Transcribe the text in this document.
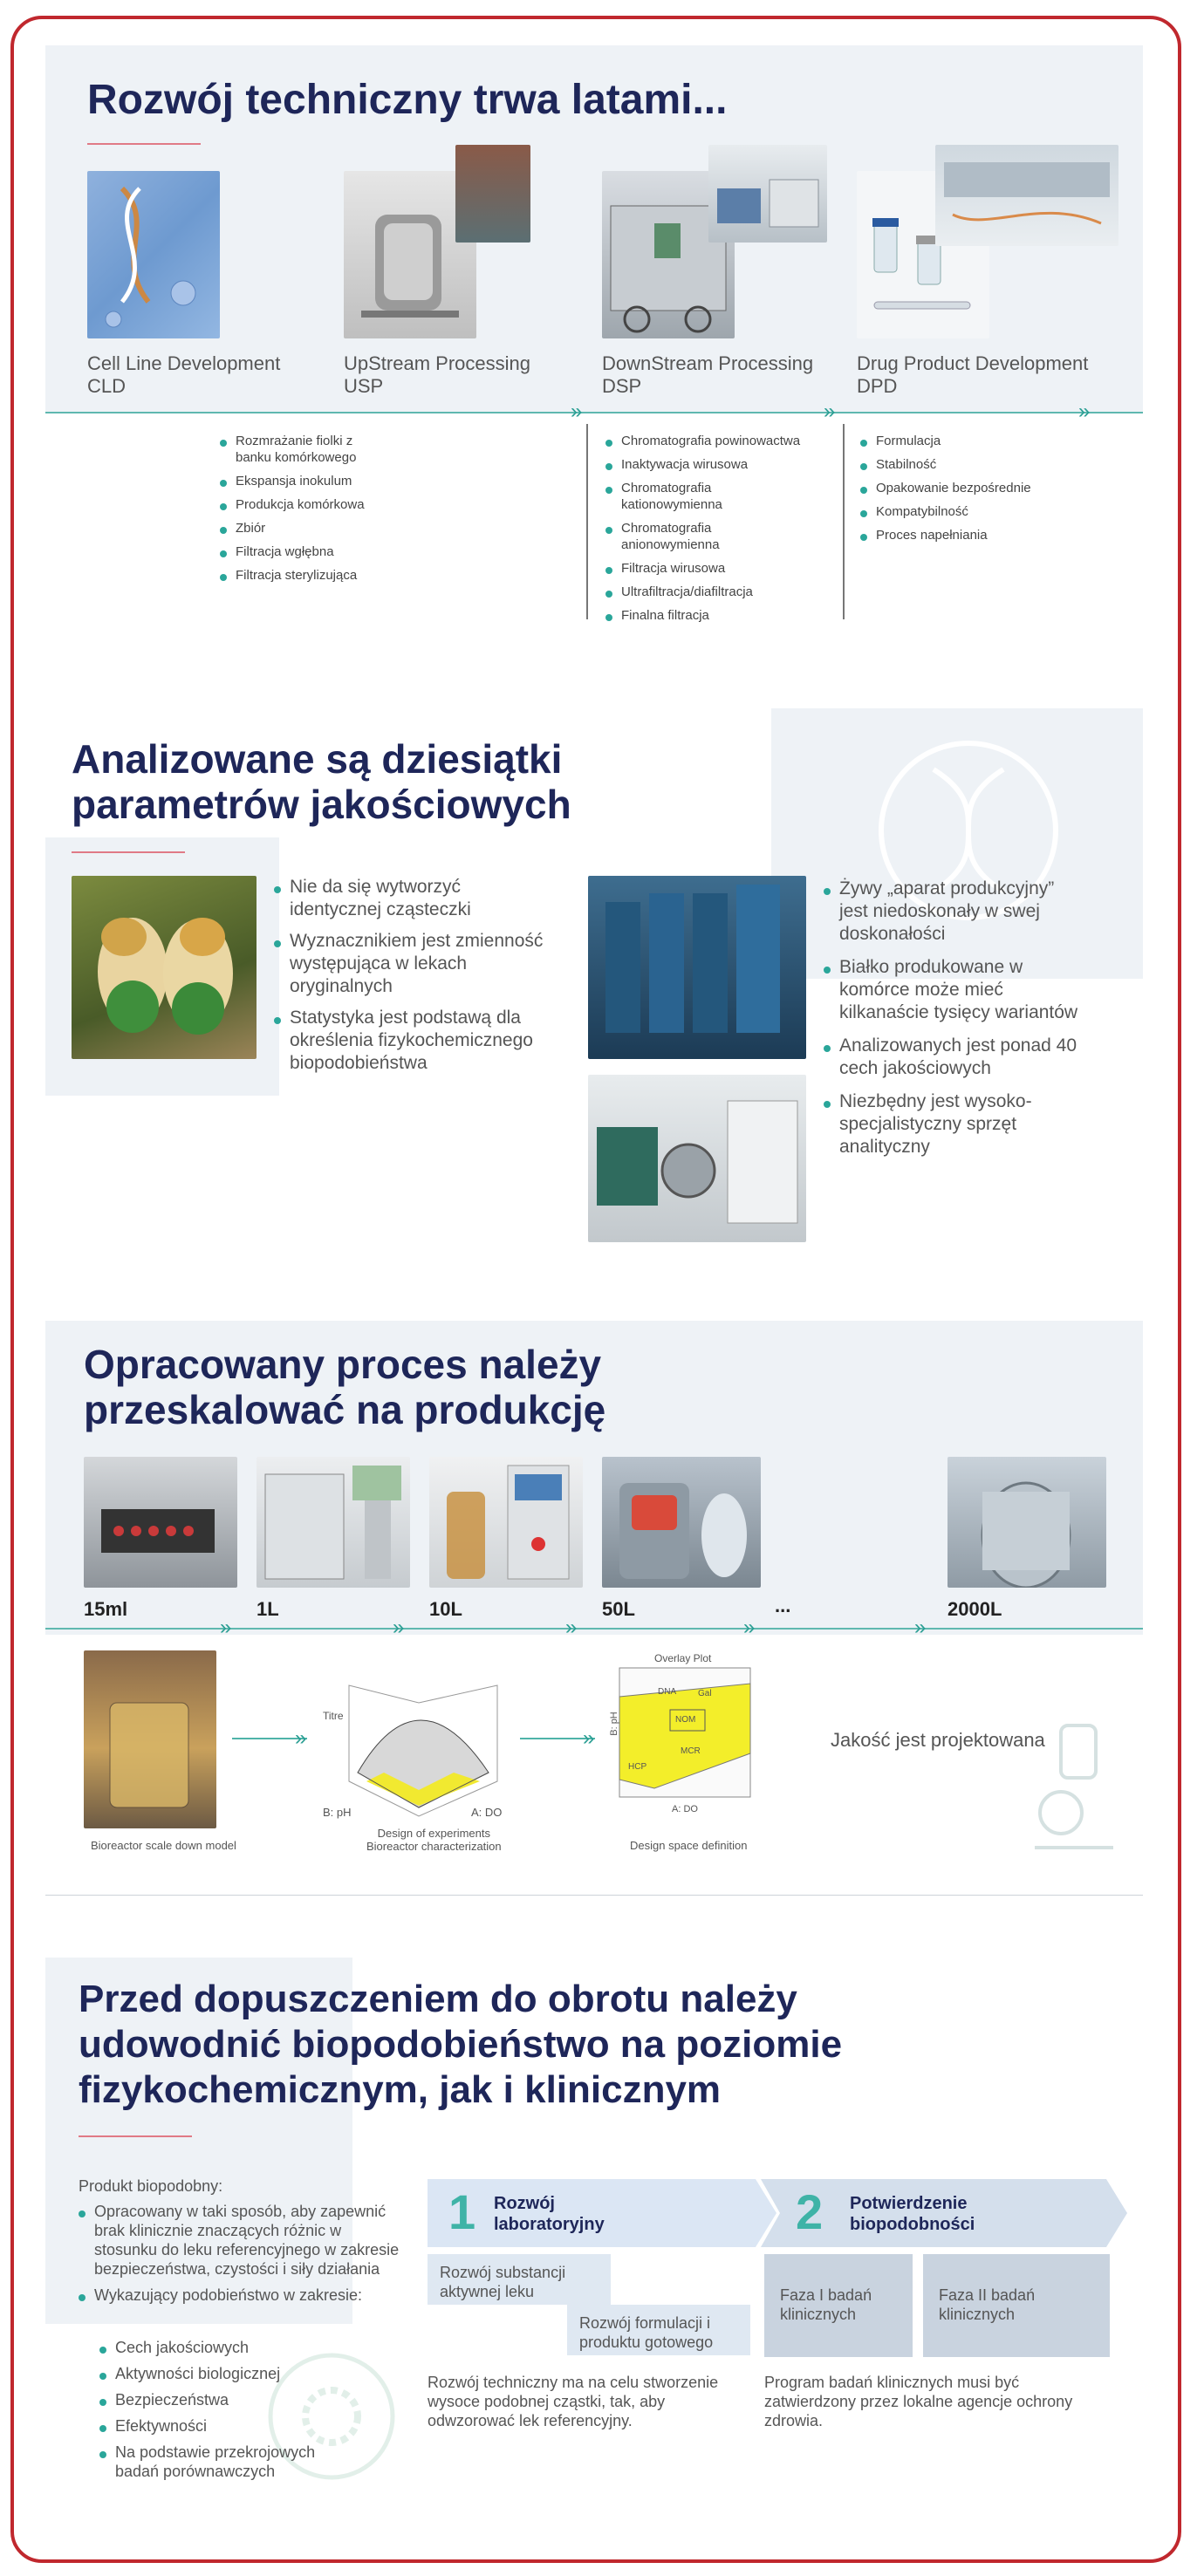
Rozwój techniczny trwa latami...
Cell Line Development
CLD
UpStream Processing
USP
DownStream Processing
DSP
Drug Product Development
DPD
»	»	»
Rozmrażanie fiolki z banku komórkowego
Ekspansja inokulum
Produkcja komórkowa
Zbiór
Filtracja wgłębna
Filtracja sterylizująca
Chromatografia powinowactwa
Inaktywacja wirusowa
Chromatografia kationowymienna
Chromatografia anionowymienna
Filtracja wirusowa
Ultrafiltracja/diafiltracja
Finalna filtracja
Formulacja
Stabilność
Opakowanie bezpośrednie
Kompatybilność
Proces napełniania
Analizowane są dziesiątki
parametrów jakościowych
Nie da się wytworzyć identycznej cząsteczki
Wyznacznikiem jest zmienność występująca w lekach oryginalnych
Statystyka jest podstawą dla określenia fizykochemicznego biopodobieństwa
Żywy „aparat produkcyjny” jest niedoskonały w swej doskonałości
Białko produkowane w komórce może mieć kilkanaście tysięcy wariantów
Analizowanych jest ponad 40 cech jakościowych
Niezbędny jest wysoko-specjalistyczny sprzęt analityczny
Opracowany proces należy
przeskalować na produkcję
15ml	1L	10L	50L	...	2000L
»	»	»	»	»
»
B: pH	A: DO
Titre
»
Overlay Plot
NOM
MCR
DNA
HCP
Gal
B: pH
A: DO
Jakość jest projektowana
Bioreactor scale down model
Design of experiments
Bioreactor characterization	Design space definition
Przed dopuszczeniem do obrotu należy
udowodnić biopodobieństwo na poziomie
fizykochemicznym, jak i klinicznym
Produkt biopodobny:
Opracowany w taki sposób, aby zapewnić brak klinicznie znaczących różnic w stosunku do leku referencyjnego w zakresie bezpieczeństwa, czystości i siły działania
Wykazujący podobieństwo w zakresie:
Cech jakościowych
Aktywności biologicznej
Bezpieczeństwa
Efektywności
Na podstawie przekrojowych badań porównawczych
1 Rozwój laboratoryjny	2 Potwierdzenie biopodobności
Rozwój substancji aktywnej leku
Rozwój formulacji i produktu gotowego
Faza I badań klinicznych
Faza II badań klinicznych
Rozwój techniczny ma na celu stworzenie wysoce podobnej cząstki, tak, aby odwzorować lek referencyjny.
Program badań klinicznych musi być zatwierdzony przez lokalne agencje ochrony zdrowia.
